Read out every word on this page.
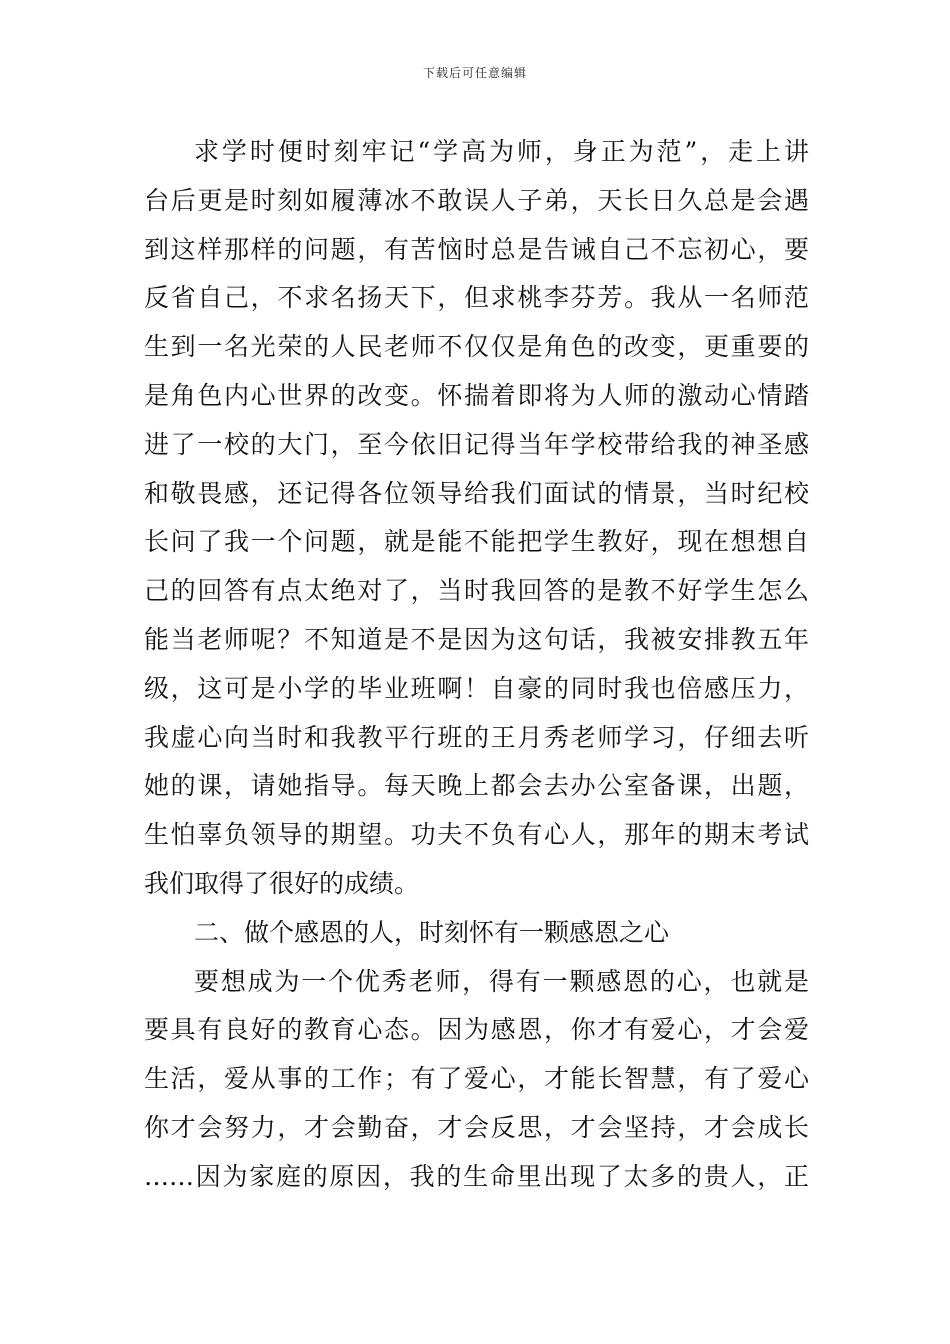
下载后可任意编辑
求学时便时刻牢记“学高为师，身正为范”，走上讲
台后更是时刻如履薄冰不敢误人子弟，天长日久总是会遇
到这样那样的问题，有苦恼时总是告诫自己不忘初心，要
反省自己，不求名扬天下，但求桃李芬芳。我从一名师范
生到一名光荣的人民老师不仅仅是角色的改变，更重要的
是角色内心世界的改变。怀揣着即将为人师的激动心情踏
进了一校的大门，至今依旧记得当年学校带给我的神圣感
和敬畏感，还记得各位领导给我们面试的情景，当时纪校
长问了我一个问题，就是能不能把学生教好，现在想想自
己的回答有点太绝对了，当时我回答的是教不好学生怎么
能当老师呢？不知道是不是因为这句话，我被安排教五年
级，这可是小学的毕业班啊！自豪的同时我也倍感压力，
我虚心向当时和我教平行班的王月秀老师学习，仔细去听
她的课，请她指导。每天晚上都会去办公室备课，出题，
生怕辜负领导的期望。功夫不负有心人，那年的期末考试
我们取得了很好的成绩。
二、做个感恩的人，时刻怀有一颗感恩之心
要想成为一个优秀老师，得有一颗感恩的心，也就是
要具有良好的教育心态。因为感恩，你才有爱心，才会爱
生活，爱从事的工作；有了爱心，才能长智慧，有了爱心
你才会努力，才会勤奋，才会反思，才会坚持，才会成长
……因为家庭的原因，我的生命里出现了太多的贵人，正
